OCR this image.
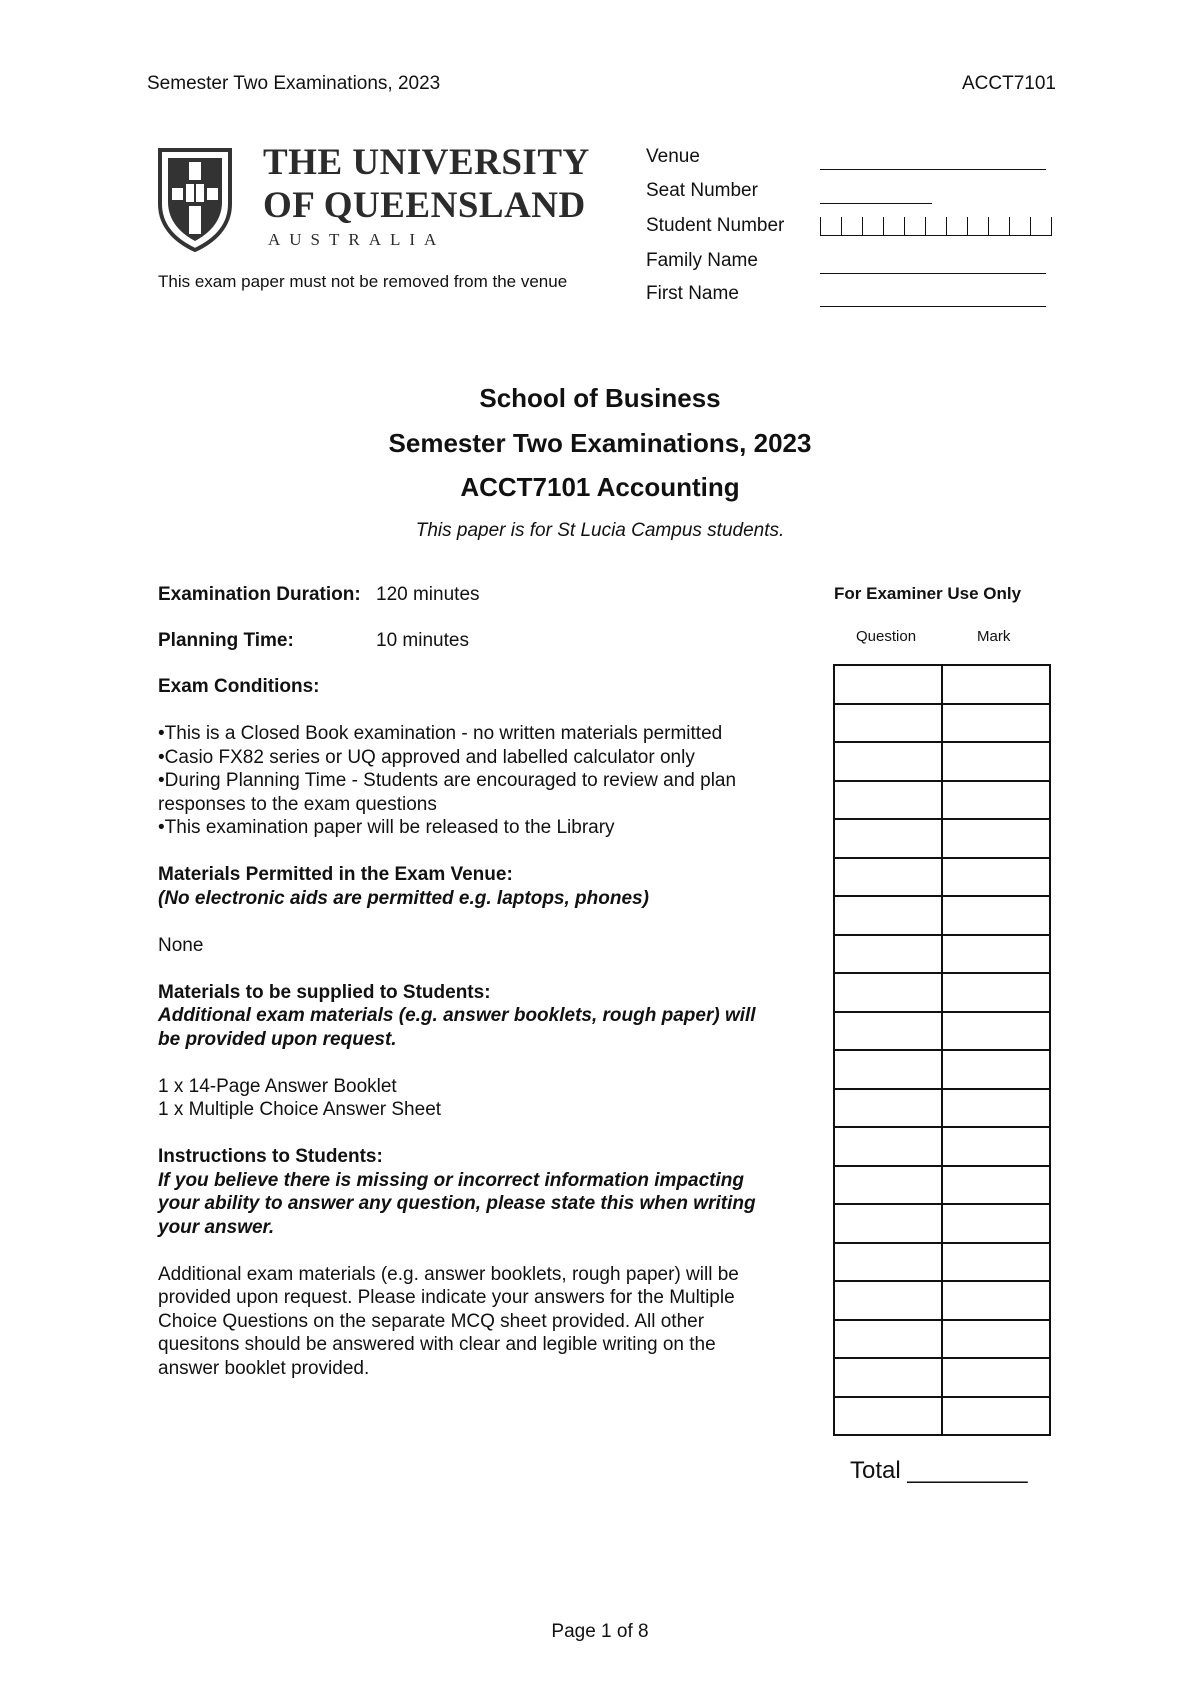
Semester Two Examinations, 2023	ACCT7101
THE UNIVERSITY
OF QUEENSLAND
AUSTRALIA
This exam paper must not be removed from the venue
Venue
Seat Number
Student Number
Family Name
First Name
School of Business
Semester Two Examinations, 2023
ACCT7101 Accounting
This paper is for St Lucia Campus students.
Examination Duration: 120 minutes
Planning Time:	10 minutes
Exam Conditions:
•This is a Closed Book examination - no written materials permitted
•Casio FX82 series or UQ approved and labelled calculator only
•During Planning Time - Students are encouraged to review and plan
responses to the exam questions
•This examination paper will be released to the Library
Materials Permitted in the Exam Venue:
(No electronic aids are permitted e.g. laptops, phones)
None
Materials to be supplied to Students:
Additional exam materials (e.g. answer booklets, rough paper) will
be provided upon request.
1 x 14-Page Answer Booklet
1 x Multiple Choice Answer Sheet
Instructions to Students:
If you believe there is missing or incorrect information impacting
your ability to answer any question, please state this when writing
your answer.
Additional exam materials (e.g. answer booklets, rough paper) will be
provided upon request. Please indicate your answers for the Multiple
Choice Questions on the separate MCQ sheet provided. All other
quesitons should be answered with clear and legible writing on the
answer booklet provided.
For Examiner Use Only
Question	Mark

Total _________
Page 1 of 8
